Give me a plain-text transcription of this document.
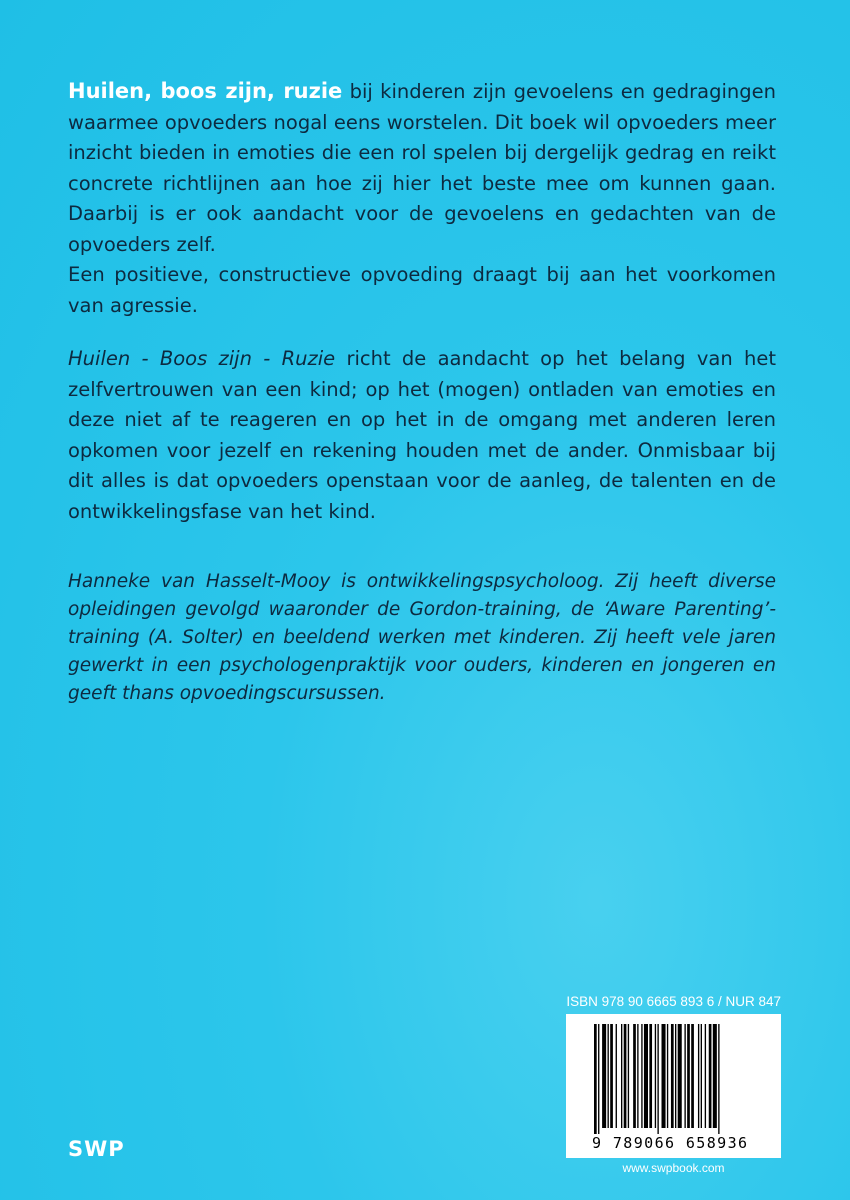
Huilen, boos zijn, ruzie bij kinderen zijn gevoelens en gedragingen waarmee opvoeders nogal eens worstelen. Dit boek wil opvoeders meer inzicht bieden in emoties die een rol spelen bij dergelijk gedrag en reikt concrete richtlijnen aan hoe zij hier het beste mee om kunnen gaan. Daarbij is er ook aandacht voor de gevoelens en gedachten van de opvoeders zelf.
Een positieve, constructieve opvoeding draagt bij aan het voorkomen van agressie.

Huilen - Boos zijn - Ruzie richt de aandacht op het belang van het zelfvertrouwen van een kind; op het (mogen) ontladen van emoties en deze niet af te reageren en op het in de omgang met anderen leren opkomen voor jezelf en rekening houden met de ander. Onmisbaar bij dit alles is dat opvoeders openstaan voor de aanleg, de talenten en de ontwikkelingsfase van het kind.

Hanneke van Hasselt-Mooy is ontwikkelingspsycholoog. Zij heeft diverse opleidingen gevolgd waaronder de Gordon-training, de ‘Aware Parenting’-training (A. Solter) en beeldend werken met kinderen. Zij heeft vele jaren gewerkt in een psychologenpraktijk voor ouders, kinderen en jongeren en geeft thans opvoedingscursussen.

SWP
ISBN 978 90 6665 893 6 / NUR 847
9 789066 658936
www.swpbook.com
